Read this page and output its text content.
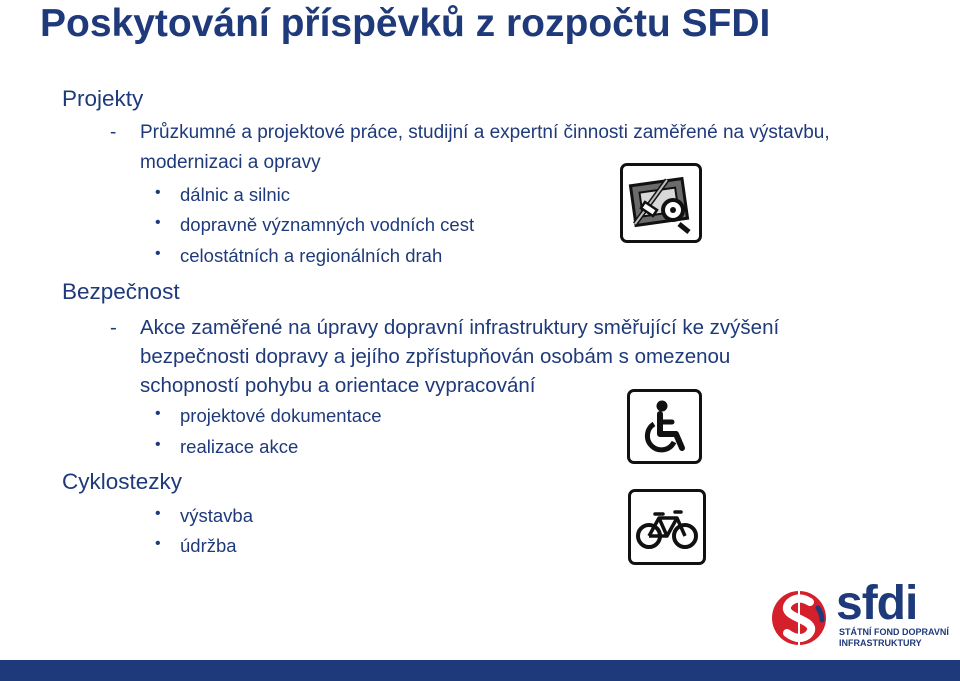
Poskytování příspěvků z rozpočtu SFDI
Projekty
- Průzkumné a projektové práce, studijní a expertní činnosti zaměřené na výstavbu, modernizaci a opravy
• dálnic a silnic
• dopravně významných vodních cest
• celostátních a regionálních drah
Bezpečnost
- Akce zaměřené na úpravy dopravní infrastruktury směřující ke zvýšení bezpečnosti dopravy a jejího zpřístupňován osobám s omezenou schopností pohybu a orientace vypracování
• projektové dokumentace
• realizace akce
Cyklostezky
• výstavba
• údržba
sfdi
STÁTNÍ FOND DOPRAVNÍ
INFRASTRUKTURY
